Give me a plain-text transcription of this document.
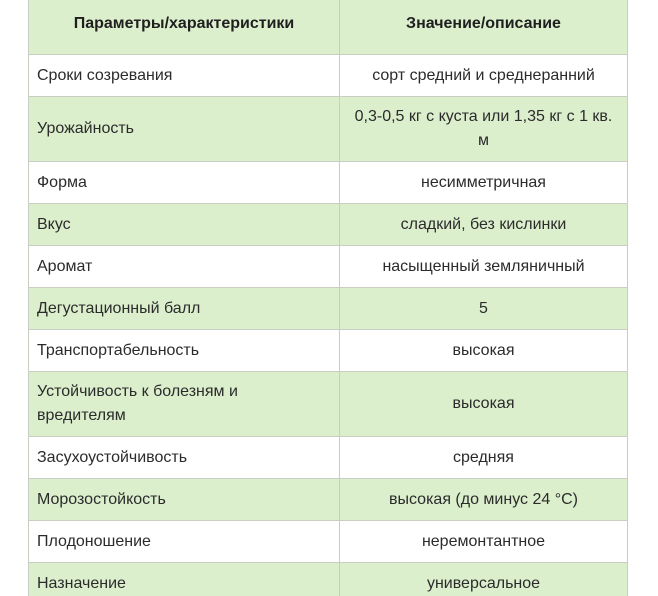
Параметры/характеристики	Значение/описание
Сроки созревания	сорт средний и среднеранний
Урожайность	0,3-0,5 кг с куста или 1,35 кг с 1 кв. м
Форма	несимметричная
Вкус	сладкий, без кислинки
Аромат	насыщенный земляничный
Дегустационный балл	5
Транспортабельность	высокая
Устойчивость к болезням и вредителям	высокая
Засухоустойчивость	средняя
Морозостойкость	высокая (до минус 24 °C)
Плодоношение	неремонтантное
Назначение	универсальное
